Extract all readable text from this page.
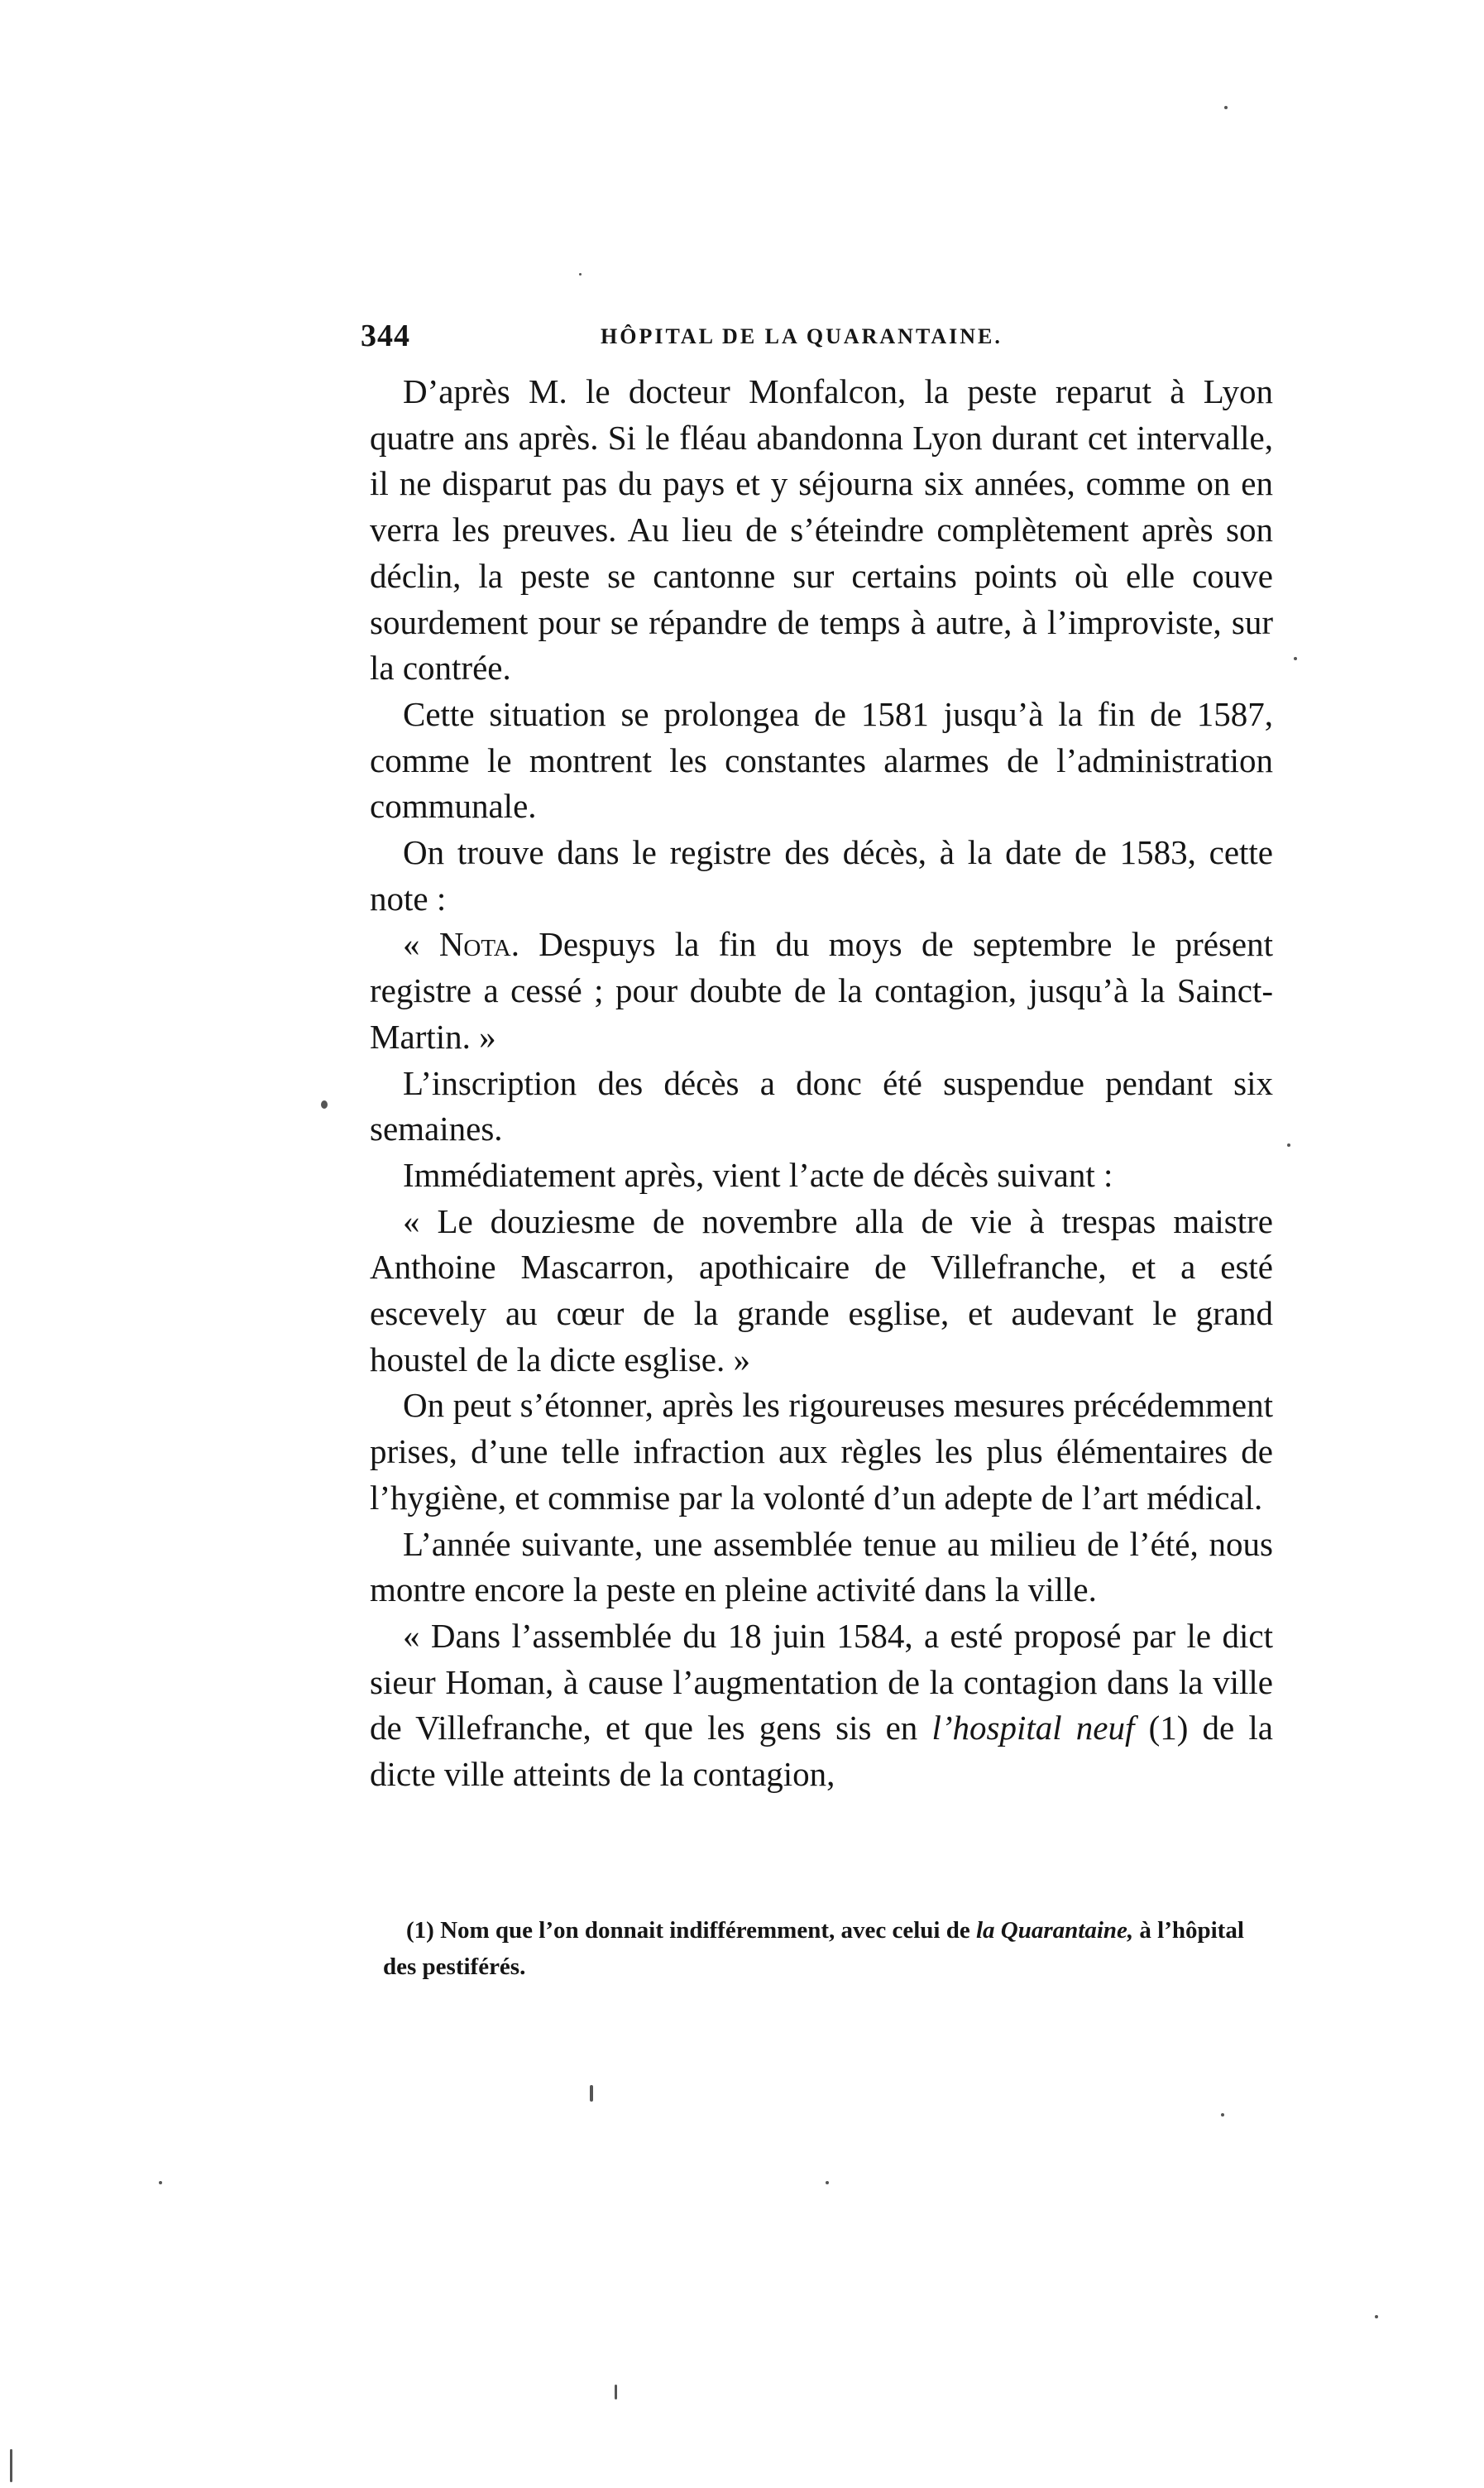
344	HÔPITAL DE LA QUARANTAINE.

D’après M. le docteur Monfalcon, la peste reparut à Lyon quatre ans après. Si le fléau abandonna Lyon durant cet intervalle, il ne disparut pas du pays et y séjourna six années, comme on en verra les preuves. Au lieu de s’éteindre complètement après son déclin, la peste se cantonne sur certains points où elle couve sourdement pour se répandre de temps à autre, à l’improviste, sur la contrée.

Cette situation se prolongea de 1581 jusqu’à la fin de 1587, comme le montrent les constantes alarmes de l’administration communale.

On trouve dans le registre des décès, à la date de 1583, cette note :

« Nota. Despuys la fin du moys de septembre le présent registre a cessé ; pour doubte de la contagion, jusqu’à la Sainct-Martin. »

L’inscription des décès a donc été suspendue pendant six semaines.

Immédiatement après, vient l’acte de décès suivant :

« Le douziesme de novembre alla de vie à trespas maistre Anthoine Mascarron, apothicaire de Villefranche, et a esté escevely au cœur de la grande esglise, et audevant le grand houstel de la dicte esglise. »

On peut s’étonner, après les rigoureuses mesures précédemment prises, d’une telle infraction aux règles les plus élémentaires de l’hygiène, et commise par la volonté d’un adepte de l’art médical.

L’année suivante, une assemblée tenue au milieu de l’été, nous montre encore la peste en pleine activité dans la ville.

« Dans l’assemblée du 18 juin 1584, a esté proposé par le dict sieur Homan, à cause l’augmentation de la contagion dans la ville de Villefranche, et que les gens sis en l’hospital neuf (1) de la dicte ville atteints de la contagion,

(1) Nom que l’on donnait indifféremment, avec celui de la Quarantaine, à l’hôpital des pestiférés.
